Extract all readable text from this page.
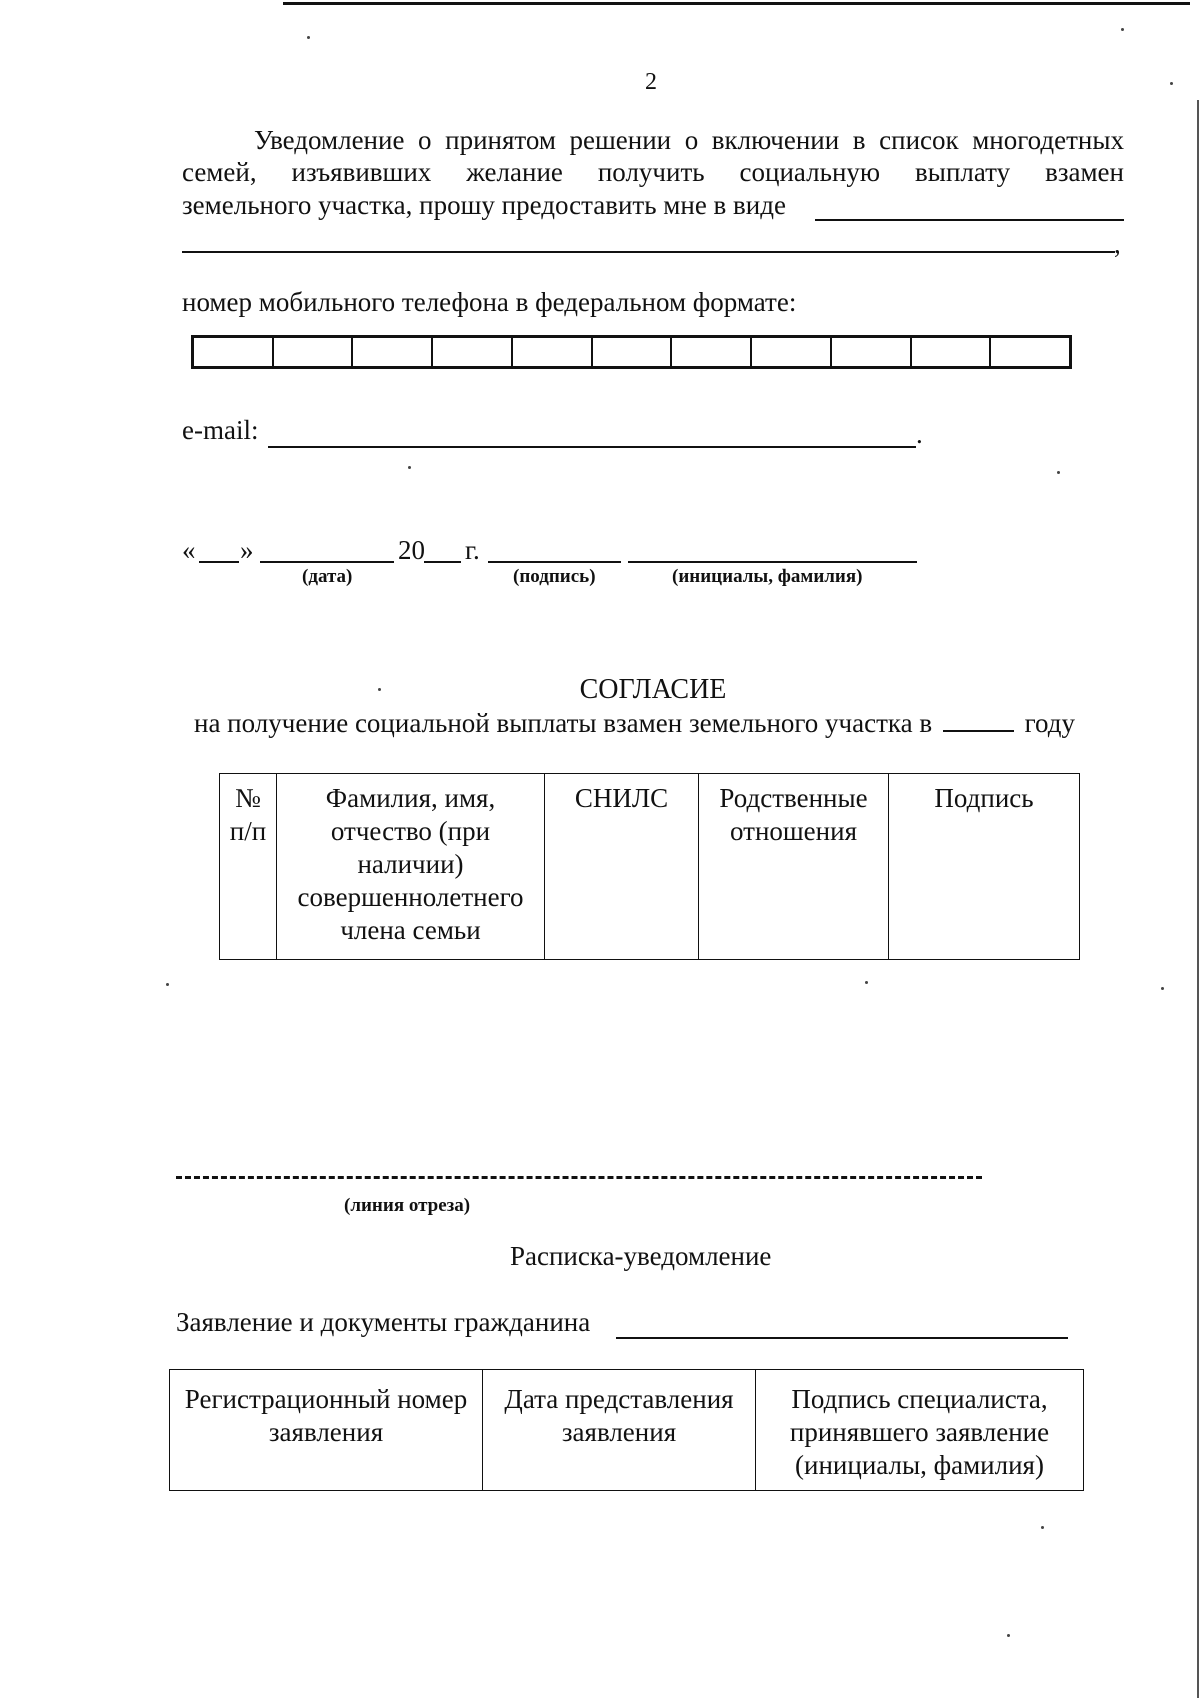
2
Уведомление о принятом решении о включении в список многодетных
семей, изъявивших желание получить социальную выплату взамен
земельного участка, прошу предоставить мне в виде
,
номер мобильного телефона в федеральном формате:
e-mail:	.
« »	20 г.
(дата)	(подпись)	(инициалы, фамилия)
СОГЛАСИЕ
на получение социальной выплаты взамен земельного участка в	году
№ п/п	Фамилия, имя, отчество (при наличии) совершеннолетнего члена семьи	СНИЛС	Родственные отношения	Подпись
(линия отреза)
Расписка-уведомление
Заявление и документы гражданина
Регистрационный номер заявления	Дата представления заявления	Подпись специалиста, принявшего заявление (инициалы, фамилия)
